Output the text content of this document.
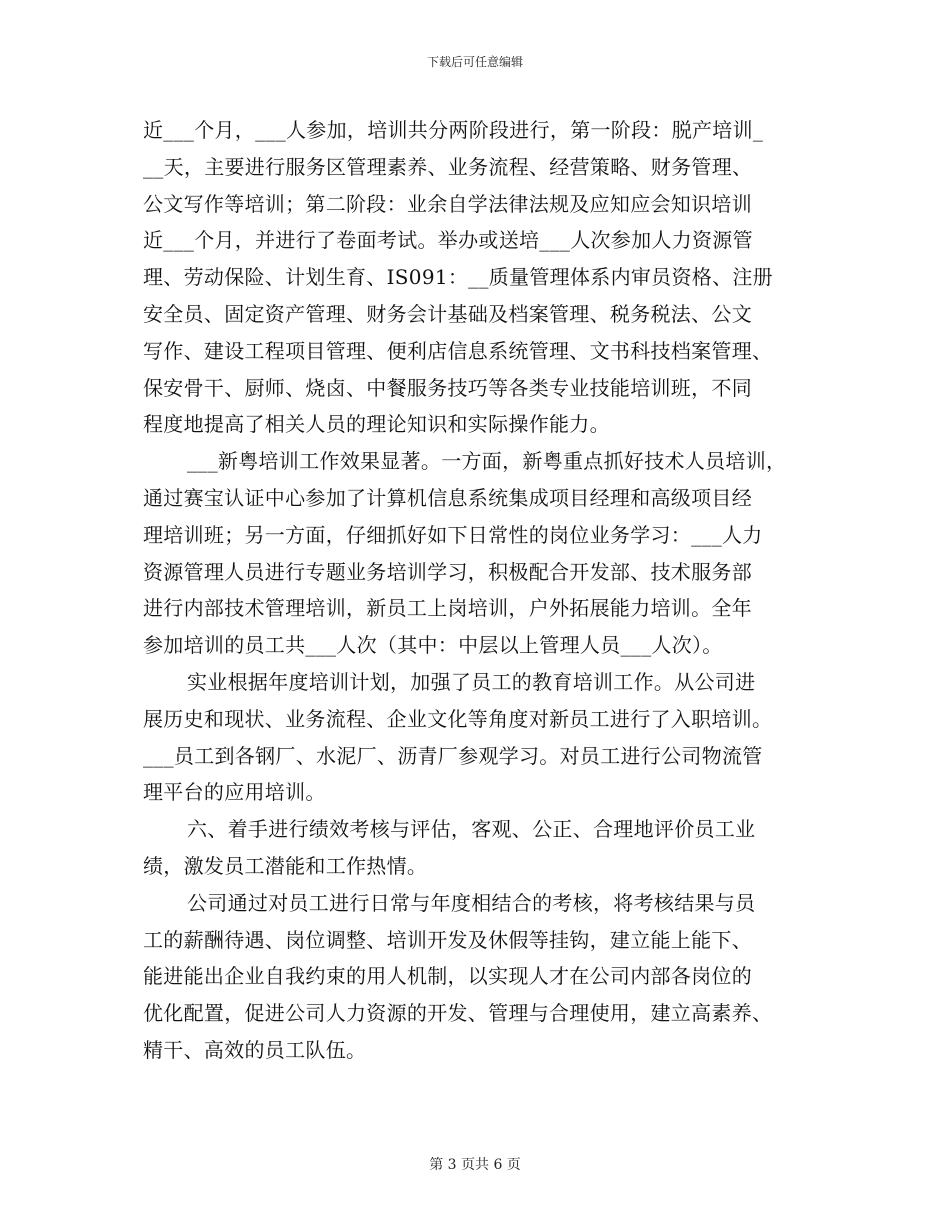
下载后可任意编辑
近___个月，___人参加，培训共分两阶段进行，第一阶段：脱产培训_
__天，主要进行服务区管理素养、业务流程、经营策略、财务管理、
公文写作等培训；第二阶段：业余自学法律法规及应知应会知识培训
近___个月，并进行了卷面考试。举办或送培___人次参加人力资源管
理、劳动保险、计划生育、IS091：__质量管理体系内审员资格、注册
安全员、固定资产管理、财务会计基础及档案管理、税务税法、公文
写作、建设工程项目管理、便利店信息系统管理、文书科技档案管理、
保安骨干、厨师、烧卤、中餐服务技巧等各类专业技能培训班，不同
程度地提高了相关人员的理论知识和实际操作能力。
___新粤培训工作效果显著。一方面，新粤重点抓好技术人员培训，
通过赛宝认证中心参加了计算机信息系统集成项目经理和高级项目经
理培训班；另一方面，仔细抓好如下日常性的岗位业务学习：___人力
资源管理人员进行专题业务培训学习，积极配合开发部、技术服务部
进行内部技术管理培训，新员工上岗培训，户外拓展能力培训。全年
参加培训的员工共___人次（其中：中层以上管理人员___人次）。
实业根据年度培训计划，加强了员工的教育培训工作。从公司进
展历史和现状、业务流程、企业文化等角度对新员工进行了入职培训。
___员工到各钢厂、水泥厂、沥青厂参观学习。对员工进行公司物流管
理平台的应用培训。
六、着手进行绩效考核与评估，客观、公正、合理地评价员工业
绩，激发员工潜能和工作热情。
公司通过对员工进行日常与年度相结合的考核，将考核结果与员
工的薪酬待遇、岗位调整、培训开发及休假等挂钩，建立能上能下、
能进能出企业自我约束的用人机制，以实现人才在公司内部各岗位的
优化配置，促进公司人力资源的开发、管理与合理使用，建立高素养、
精干、高效的员工队伍。
第 3 页共 6 页
